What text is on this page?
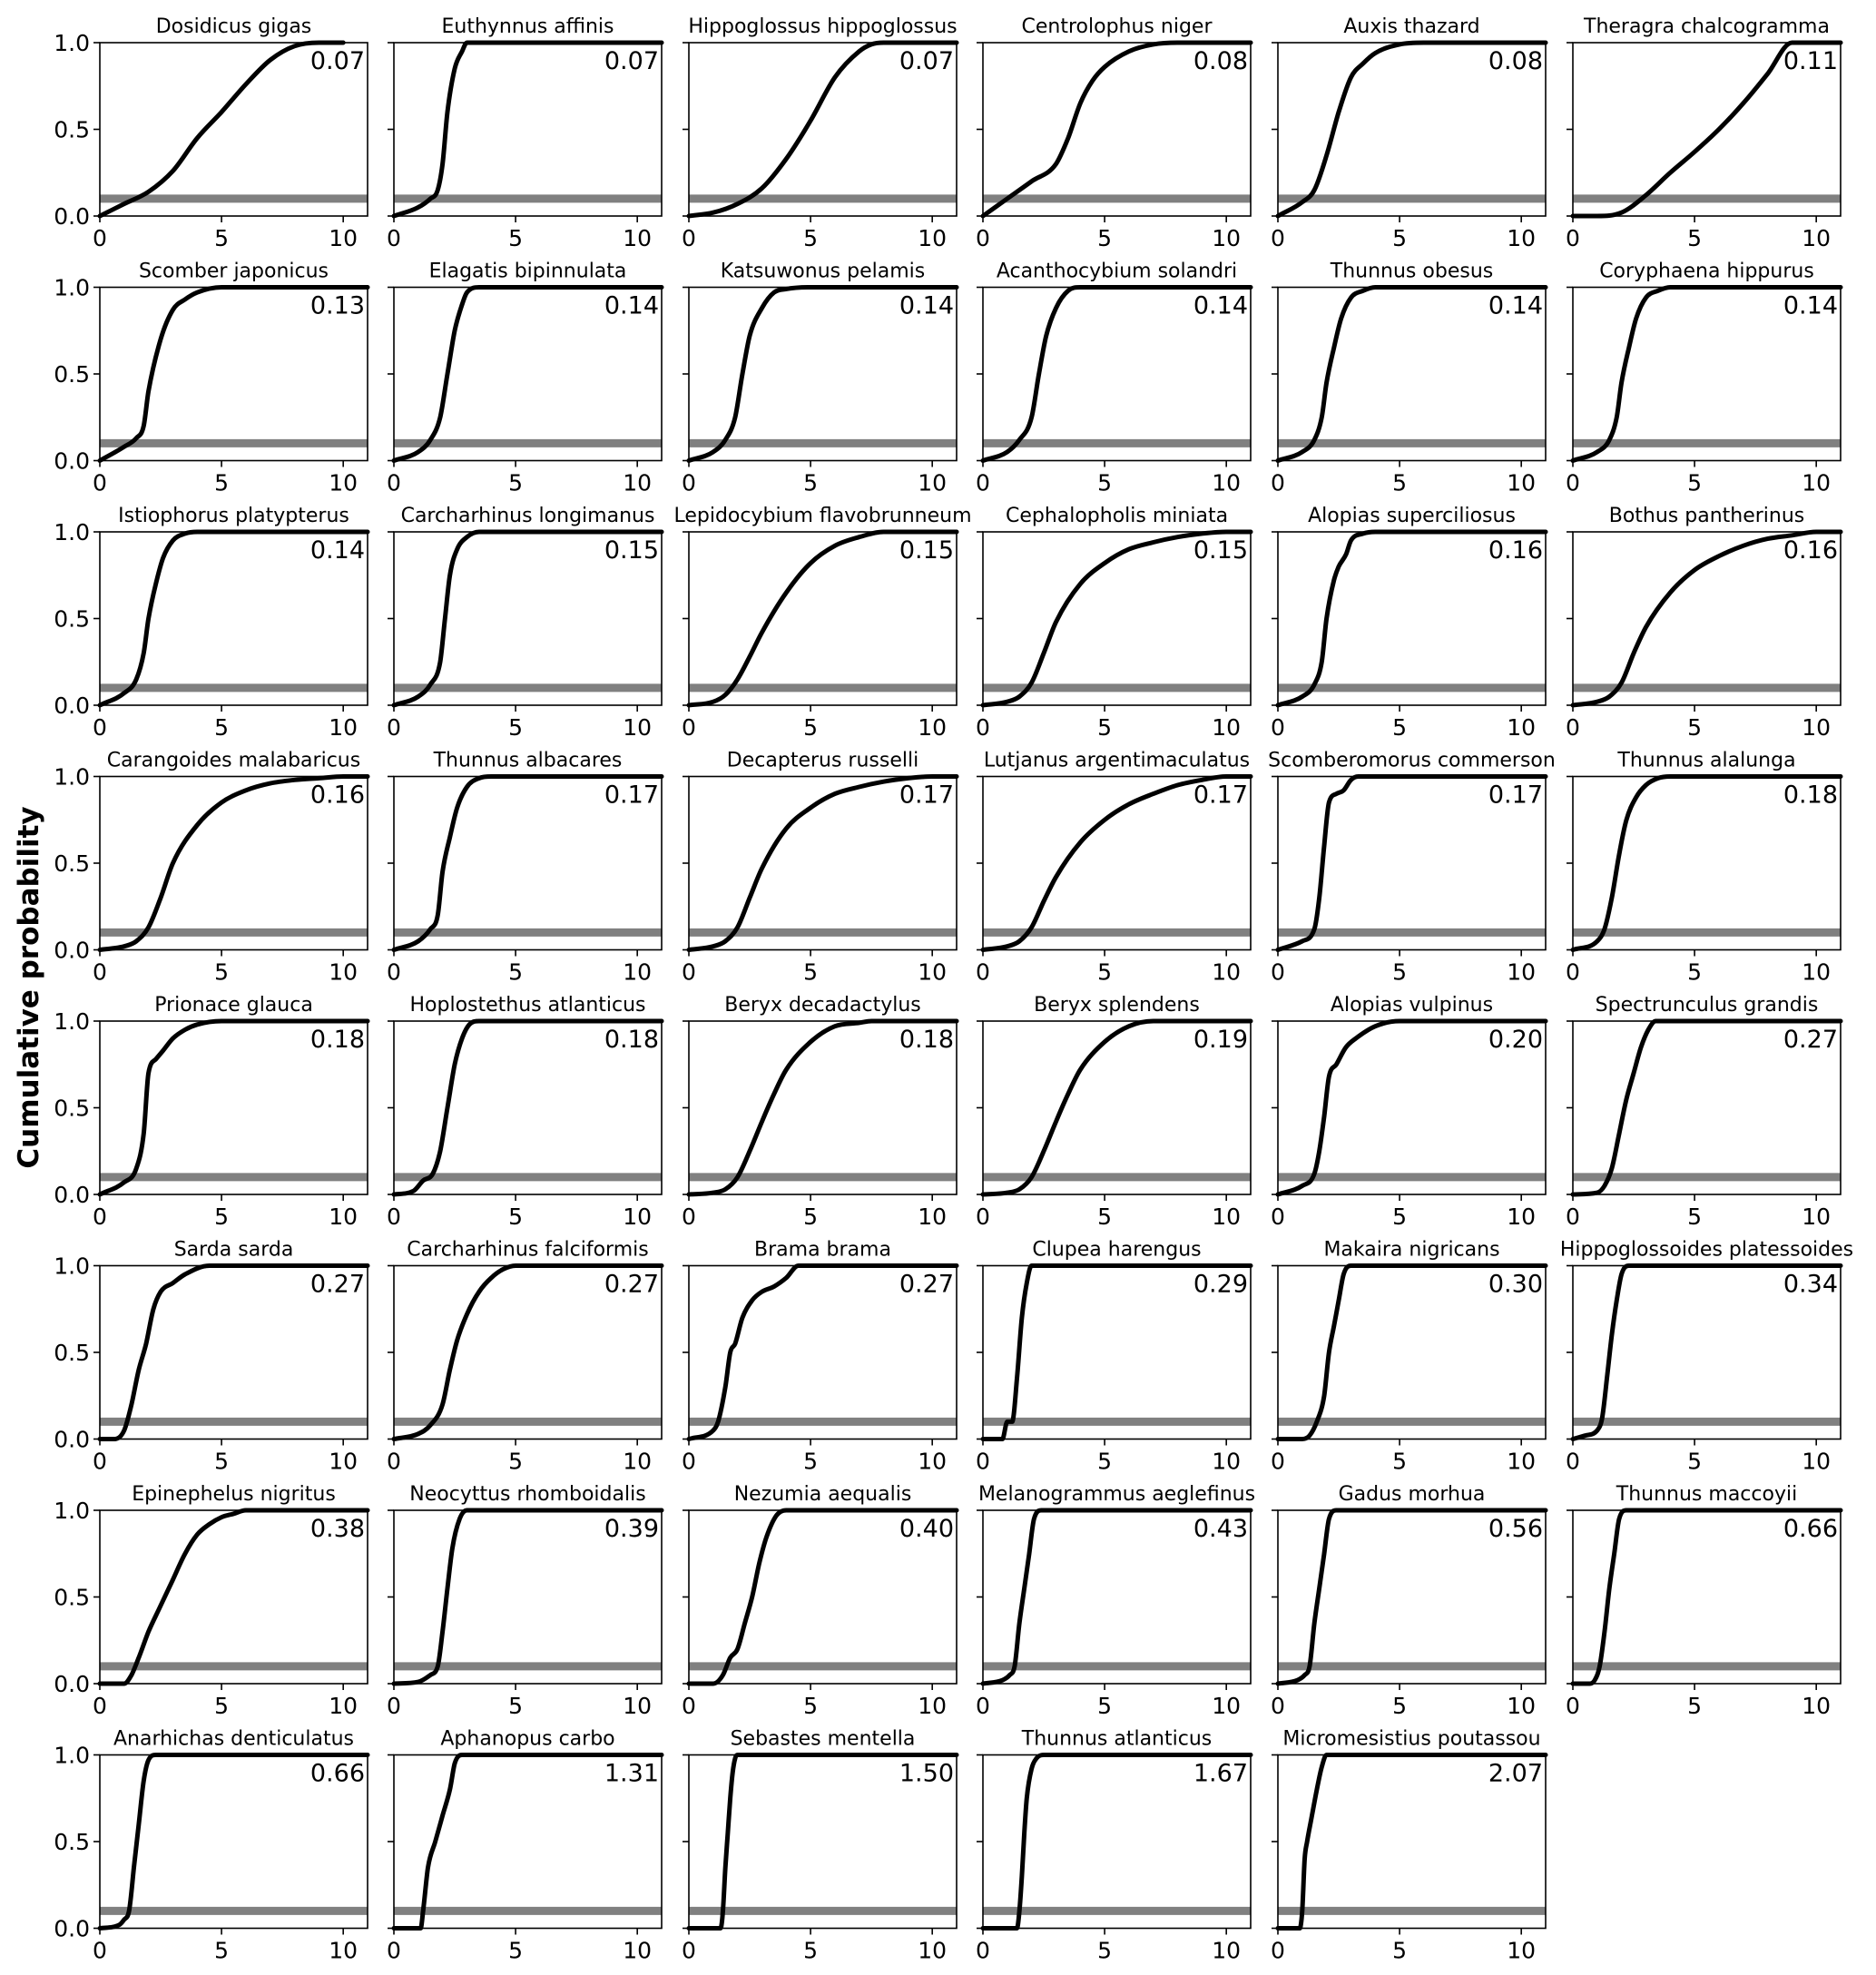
Cumulative probability
Dosidicus gigas
0.07
0	5	10
0.0
0.5
1.0
Euthynnus affinis
0.07
0	5	10
Hippoglossus hippoglossus
0.07
0	5	10
Centrolophus niger
0.08
0	5	10
Auxis thazard
0.08
0	5	10
Theragra chalcogramma
0.11
0	5	10
Scomber japonicus
0.13
0	5	10
0.0
0.5
1.0
Elagatis bipinnulata
0.14
0	5	10
Katsuwonus pelamis
0.14
0	5	10
Acanthocybium solandri
0.14
0	5	10
Thunnus obesus
0.14
0	5	10
Coryphaena hippurus
0.14
0	5	10
Istiophorus platypterus
0.14
0	5	10
0.0
0.5
1.0
Carcharhinus longimanus
0.15
0	5	10
Lepidocybium flavobrunneum
0.15
0	5	10
Cephalopholis miniata
0.15
0	5	10
Alopias superciliosus
0.16
0	5	10
Bothus pantherinus
0.16
0	5	10
Carangoides malabaricus
0.16
0	5	10
0.0
0.5
1.0
Thunnus albacares
0.17
0	5	10
Decapterus russelli
0.17
0	5	10
Lutjanus argentimaculatus
0.17
0	5	10
Scomberomorus commerson
0.17
0	5	10
Thunnus alalunga
0.18
0	5	10
Prionace glauca
0.18
0	5	10
0.0
0.5
1.0
Hoplostethus atlanticus
0.18
0	5	10
Beryx decadactylus
0.18
0	5	10
Beryx splendens
0.19
0	5	10
Alopias vulpinus
0.20
0	5	10
Spectrunculus grandis
0.27
0	5	10
Sarda sarda
0.27
0	5	10
0.0
0.5
1.0
Carcharhinus falciformis
0.27
0	5	10
Brama brama
0.27
0	5	10
Clupea harengus
0.29
0	5	10
Makaira nigricans
0.30
0	5	10
Hippoglossoides platessoides
0.34
0	5	10
Epinephelus nigritus
0.38
0	5	10
0.0
0.5
1.0
Neocyttus rhomboidalis
0.39
0	5	10
Nezumia aequalis
0.40
0	5	10
Melanogrammus aeglefinus
0.43
0	5	10
Gadus morhua
0.56
0	5	10
Thunnus maccoyii
0.66
0	5	10
Anarhichas denticulatus
0.66
0	5	10
0.0
0.5
1.0
Aphanopus carbo
1.31
0	5	10
Sebastes mentella
1.50
0	5	10
Thunnus atlanticus
1.67
0	5	10
Micromesistius poutassou
2.07
0	5	10
